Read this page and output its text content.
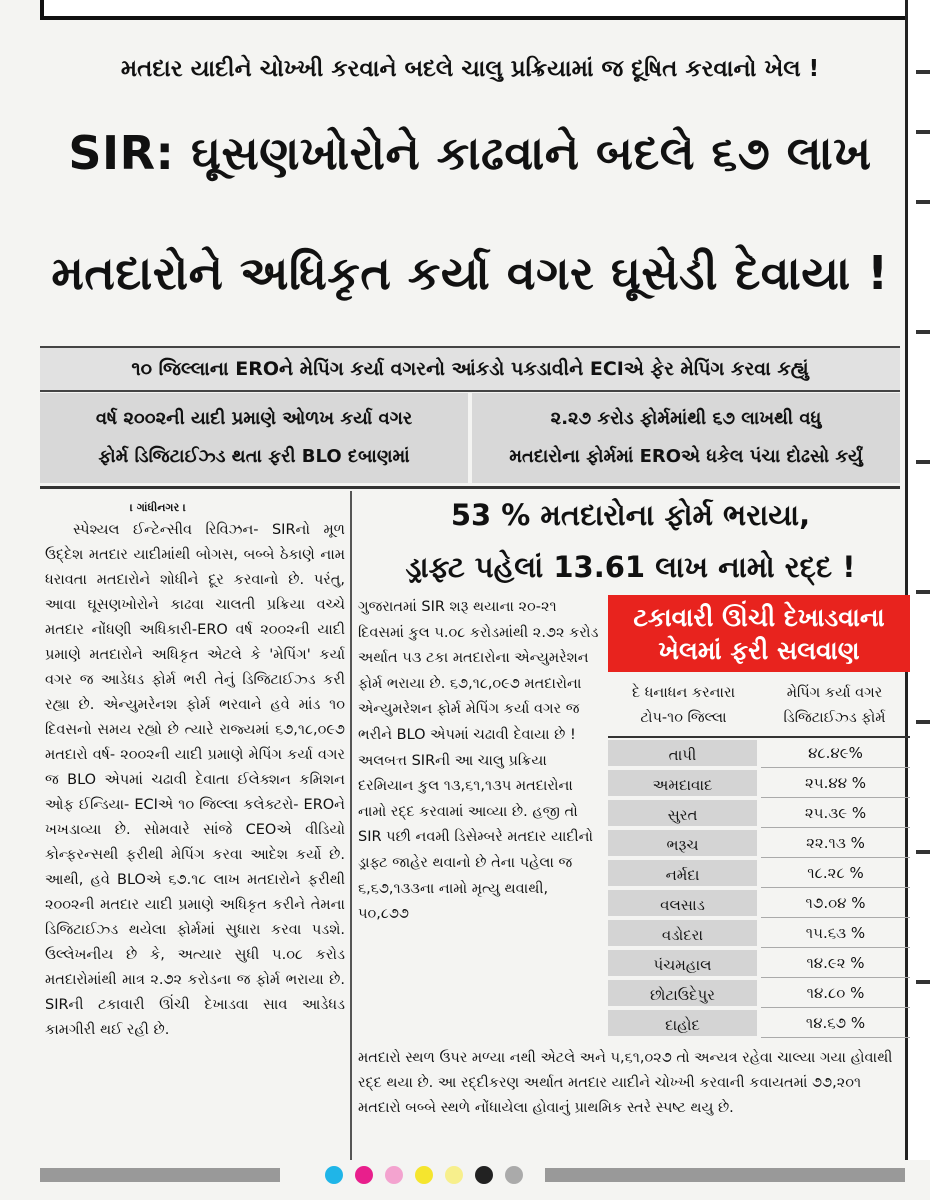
મતદાર યાદીને ચોખ્ખી કરવાને બદલે ચાલુ પ્રક્રિયામાં જ દૂષિત કરવાનો ખેલ !
SIR: ઘૂસણખોરોને કાઢવાને બદલે ૬૭ લાખ
મતદારોને અધિકૃત કર્યા વગર ઘૂસેડી દેવાયા !
૧૦ જિલ્લાના EROને મેપિંગ કર્યા વગરનો આંકડો પકડાવીને ECIએ ફેર મેપિંગ કરવા કહ્યું
વર્ષ ૨૦૦૨ની યાદી પ્રમાણે ઓળખ કર્યા વગર
ફોર્મ ડિજિટાઈઝ્ડ થતા ફરી BLO દબાણમાં
૨.૨૭ કરોડ ફોર્મમાંથી ૬૭ લાખથી વધુ
મતદારોના ફોર્મમાં EROએ ધકેલ પંચા દોઢસો કર્યું
। ગાંધીનગર ।

સ્પેશ્યલ ઈન્ટેન્સીવ રિવિઝન- SIRનો મૂળ ઉદ્દેશ મતદાર યાદીમાંથી બોગસ, બબ્બે ઠેકાણે નામ ધરાવતા મતદારોને શોધીને દૂર કરવાનો છે. પરંતુ, આવા ઘૂસણખોરોને કાઢવા ચાલતી પ્રક્રિયા વચ્ચે મતદાર નોંધણી અધિકારી-ERO વર્ષ ૨૦૦૨ની યાદી પ્રમાણે મતદારોને અધિકૃત એટલે કે 'મેપિંગ' કર્યા વગર જ આડેધડ ફોર્મ ભરી તેનું ડિજિટાઈઝ્ડ કરી રહ્યા છે. એન્યુમરેનશ ફોર્મ ભરવાને હવે માંડ ૧૦ દિવસનો સમય રહ્યો છે ત્યારે રાજ્યમાં ૬૭,૧૮,૦૯૭ મતદારો વર્ષ- ૨૦૦૨ની યાદી પ્રમાણે મેપિંગ કર્યા વગર જ BLO એપમાં ચઢાવી દેવાતા ઈલેક્શન કમિશન ઓફ ઈન્ડિયા- ECIએ ૧૦ જિલ્લા કલેક્ટરો- EROને ખખડાવ્યા છે. સોમવારે સાંજે CEOએ વીડિયો કોન્ફરન્સથી ફરીથી મેપિંગ કરવા આદેશ કર્યો છે. આથી, હવે BLOએ ૬૭.૧૮ લાખ મતદારોને ફરીથી ૨૦૦૨ની મતદાર યાદી પ્રમાણે અધિકૃત કરીને તેમના ડિજિટાઈઝ્ડ થયેલા ફોર્મમાં સુધારા કરવા પડશે. ઉલ્લેખનીય છે કે, અત્યાર સુધી ૫.૦૮ કરોડ મતદારોમાંથી માત્ર ૨.૭૨ કરોડના જ ફોર્મ ભરાયા છે. SIRની ટકાવારી ઊંચી દેખાડવા સાવ આડેધડ કામગીરી થઈ રહી છે.

53 % મતદારોના ફોર્મ ભરાયા,
ડ્રાફ્ટ પહેલાં 13.61 લાખ નામો રદ્દ !
ગુજરાતમાં SIR શરૂ થયાના ૨૦-૨૧ દિવસમાં કુલ ૫.૦૮ કરોડમાંથી ૨.૭૨ કરોડ અર્થાત ૫૩ ટકા મતદારોના એન્યુમરેશન ફોર્મ ભરાયા છે. ૬૭,૧૮,૦૯૭ મતદારોના એન્યુમરેશન ફોર્મ મેપિંગ કર્યા વગર જ ભરીને BLO એપમાં ચઢાવી દેવાયા છે ! અલબત્ત SIRની આ ચાલુ પ્રક્રિયા દરમિયાન કુલ ૧૩,૬૧,૧૩૫ મતદારોના નામો રદ્દ કરવામાં આવ્યા છે. હજી તો SIR પછી નવમી ડિસેમ્બરે મતદાર યાદીનો ડ્રાફ્ટ જાહેર થવાનો છે તેના પહેલા જ ૬,૬૭,૧૩૩ના નામો મૃત્યુ થવાથી, ૫૦,૮૭૭
મતદારો સ્થળ ઉપર મળ્યા નથી એટલે અને ૫,૬૧,૦૨૭ તો અન્યત્ર રહેવા ચાલ્યા ગયા હોવાથી રદ્દ થયા છે. આ રદ્દીકરણ અર્થાત મતદાર યાદીને ચોખ્ખી કરવાની કવાયતમાં ૭૭,૨૦૧ મતદારો બબ્બે સ્થળે નોંધાયેલા હોવાનું પ્રાથમિક સ્તરે સ્પષ્ટ થયુ છે.
ટકાવારી ઊંચી દેખાડવાના
ખેલમાં ફરી સલવાણ
દે ધનાધન કરનારા
ટોપ-૧૦ જિલ્લા
મેપિંગ કર્યા વગર
ડિજિટાઈઝ્ડ ફોર્મ
તાપી	૪૮.૪૯%
અમદાવાદ	૨૫.૪૪ %
સુરત	૨૫.૩૯ %
ભરૂચ	૨૨.૧૩ %
નર્મદા	૧૮.૨૮ %
વલસાડ	૧૭.૦૪ %
વડોદરા	૧૫.૬૩ %
પંચમહાલ	૧૪.૯૨ %
છોટાઉદેપુર	૧૪.૮૦ %
દાહોદ	૧૪.૬૭ %
